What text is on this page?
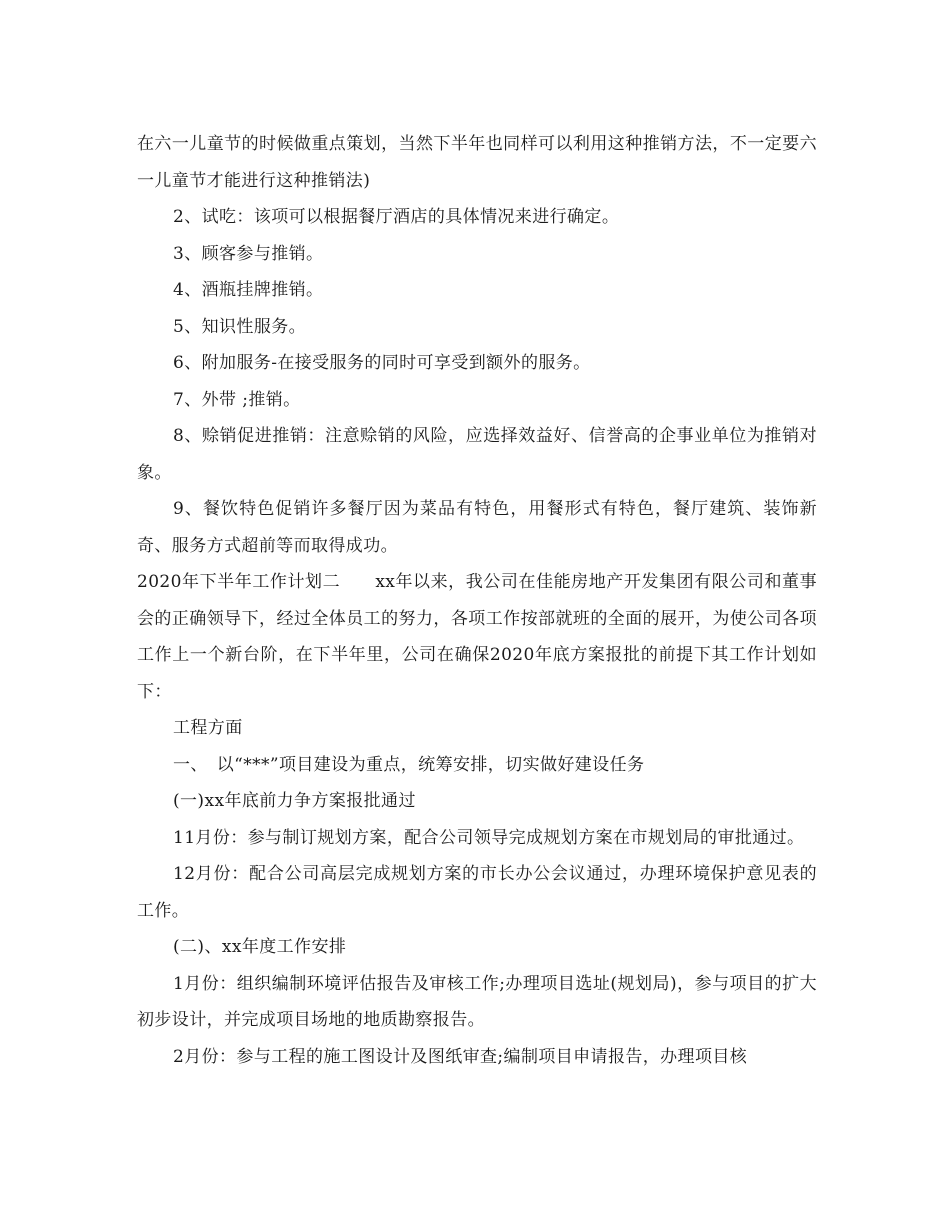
在六一儿童节的时候做重点策划，当然下半年也同样可以利用这种推销方法，不一定要六一儿童节才能进行这种推销法)

2、试吃：该项可以根据餐厅酒店的具体情况来进行确定。

3、顾客参与推销。

4、酒瓶挂牌推销。

5、知识性服务。

6、附加服务-在接受服务的同时可享受到额外的服务。

7、外带 ;推销。

8、赊销促进推销：注意赊销的风险，应选择效益好、信誉高的企事业单位为推销对象。

9、餐饮特色促销许多餐厅因为菜品有特色，用餐形式有特色，餐厅建筑、装饰新奇、服务方式超前等而取得成功。

2020年下半年工作计划二　　xx年以来，我公司在佳能房地产开发集团有限公司和董事会的正确领导下，经过全体员工的努力，各项工作按部就班的全面的展开，为使公司各项工作上一个新台阶，在下半年里，公司在确保2020年底方案报批的前提下其工作计划如下：

工程方面

一、　以“***”项目建设为重点，统筹安排，切实做好建设任务

(一)xx年底前力争方案报批通过

11月份：参与制订规划方案，配合公司领导完成规划方案在市规划局的审批通过。

12月份：配合公司高层完成规划方案的市长办公会议通过，办理环境保护意见表的工作。

(二)、xx年度工作安排

1月份：组织编制环境评估报告及审核工作;办理项目选址(规划局)，参与项目的扩大初步设计，并完成项目场地的地质勘察报告。

2月份：参与工程的施工图设计及图纸审查;编制项目申请报告，办理项目核
